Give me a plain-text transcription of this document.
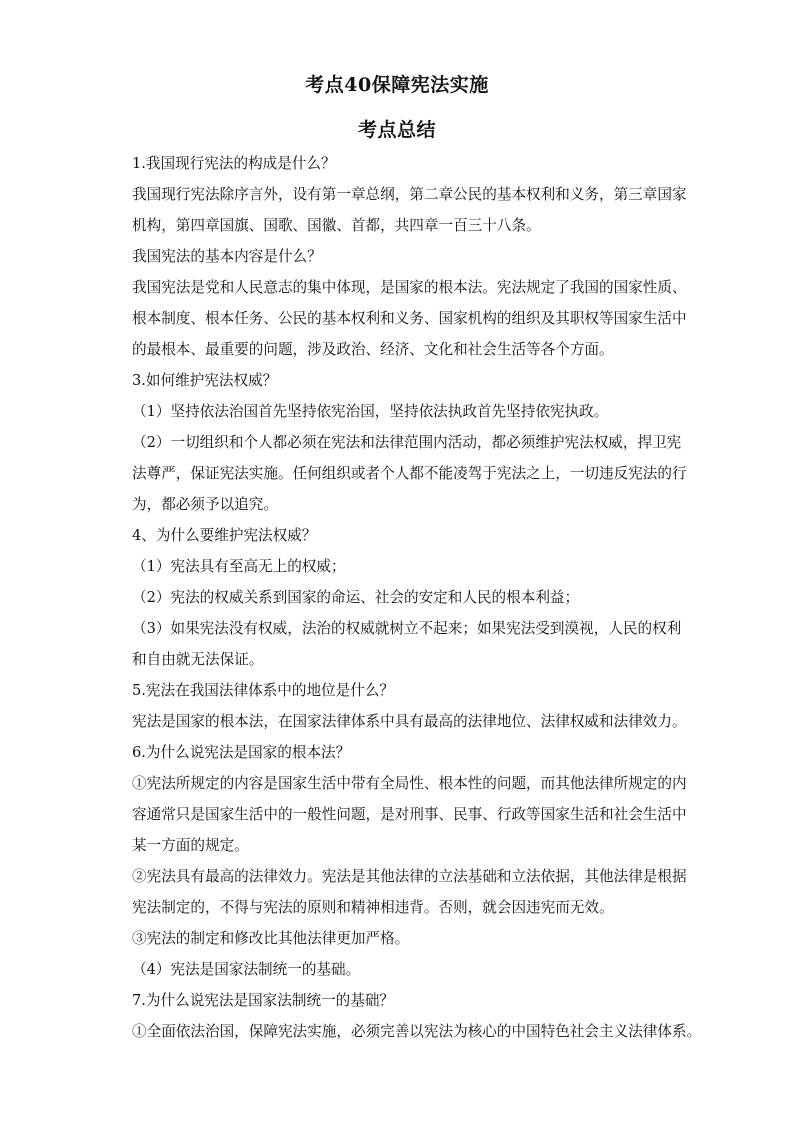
考点40保障宪法实施
考点总结
1.我国现行宪法的构成是什么？
我国现行宪法除序言外，设有第一章总纲，第二章公民的基本权利和义务，第三章国家
机构，第四章国旗、国歌、国徽、首都，共四章一百三十八条。
我国宪法的基本内容是什么？
我国宪法是党和人民意志的集中体现，是国家的根本法。宪法规定了我国的国家性质、
根本制度、根本任务、公民的基本权利和义务、国家机构的组织及其职权等国家生活中
的最根本、最重要的问题，涉及政治、经济、文化和社会生活等各个方面。
3.如何维护宪法权威？
（1）坚持依法治国首先坚持依宪治国，坚持依法执政首先坚持依宪执政。
（2）一切组织和个人都必须在宪法和法律范围内活动，都必须维护宪法权威，捍卫宪
法尊严，保证宪法实施。任何组织或者个人都不能凌驾于宪法之上，一切违反宪法的行
为，都必须予以追究。
4、为什么要维护宪法权威？
（1）宪法具有至高无上的权威；
（2）宪法的权威关系到国家的命运、社会的安定和人民的根本利益；
（3）如果宪法没有权威，法治的权威就树立不起来；如果宪法受到漠视，人民的权利
和自由就无法保证。
5.宪法在我国法律体系中的地位是什么？
宪法是国家的根本法，在国家法律体系中具有最高的法律地位、法律权威和法律效力。
6.为什么说宪法是国家的根本法？
①宪法所规定的内容是国家生活中带有全局性、根本性的问题，而其他法律所规定的内
容通常只是国家生活中的一般性问题，是对刑事、民事、行政等国家生活和社会生活中
某一方面的规定。
②宪法具有最高的法律效力。宪法是其他法律的立法基础和立法依据，其他法律是根据
宪法制定的，不得与宪法的原则和精神相违背。否则，就会因违宪而无效。
③宪法的制定和修改比其他法律更加严格。
（4）宪法是国家法制统一的基础。
7.为什么说宪法是国家法制统一的基础？
①全面依法治国，保障宪法实施，必须完善以宪法为核心的中国特色社会主义法律体系。
